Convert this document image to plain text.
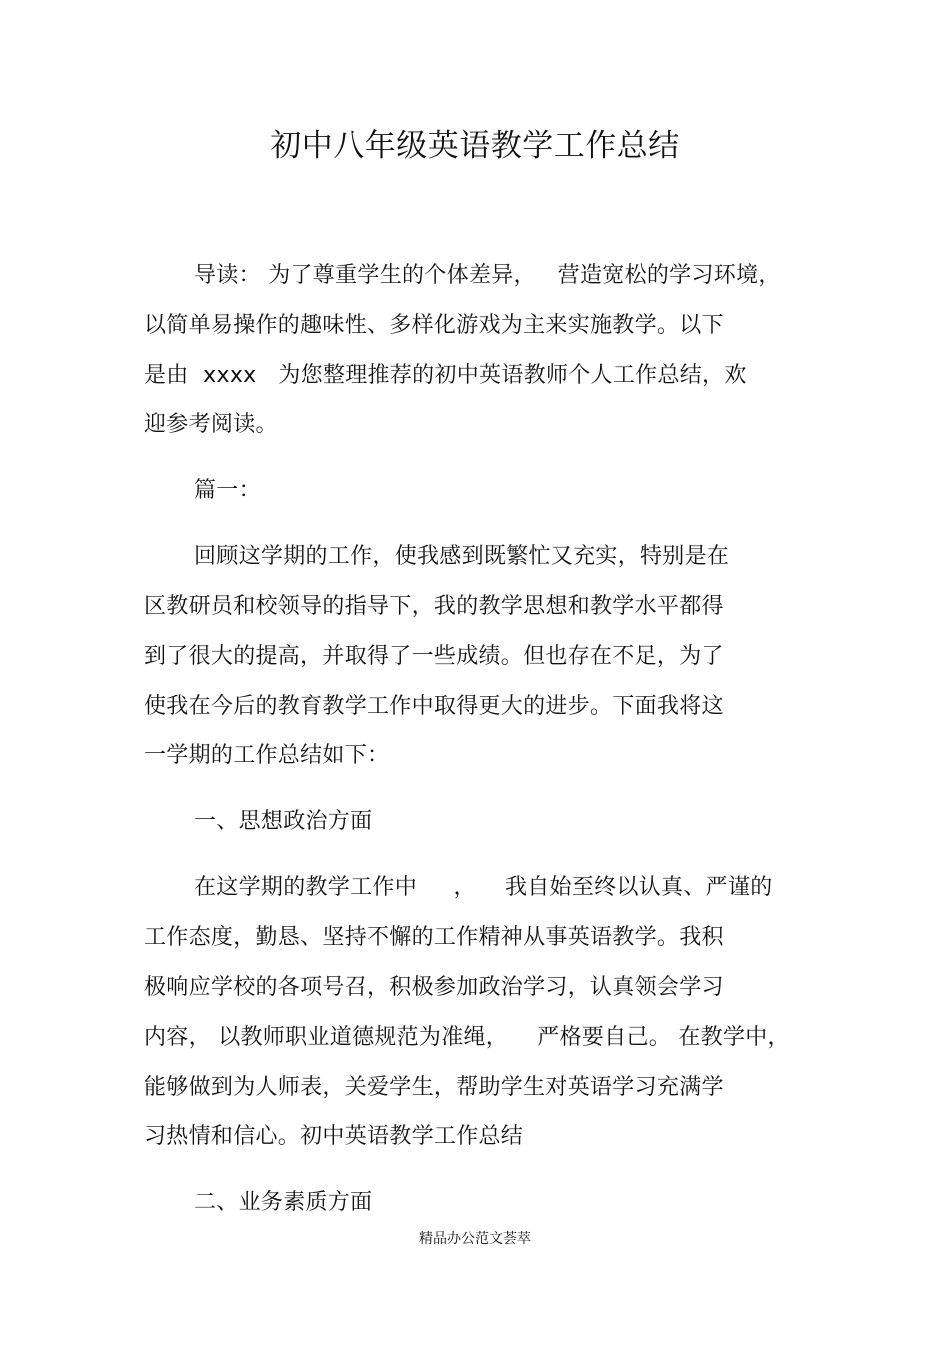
初中八年级英语教学工作总结
导读： 为了尊重学生的个体差异，   营造宽松的学习环境，
以简单易操作的趣味性、多样化游戏为主来实施教学。以下
是由  xxxx   为您整理推荐的初中英语教师个人工作总结，欢
迎参考阅读。
篇一：
回顾这学期的工作，使我感到既繁忙又充实，特别是在
区教研员和校领导的指导下，我的教学思想和教学水平都得
到了很大的提高，并取得了一些成绩。但也存在不足，为了
使我在今后的教育教学工作中取得更大的进步。下面我将这
一学期的工作总结如下：
一、思想政治方面
在这学期的教学工作中     ，    我自始至终以认真、严谨的
工作态度，勤恳、坚持不懈的工作精神从事英语教学。我积
极响应学校的各项号召，积极参加政治学习，认真领会学习
内容， 以教师职业道德规范为准绳，    严格要自己。 在教学中，
能够做到为人师表，关爱学生，帮助学生对英语学习充满学
习热情和信心。初中英语教学工作总结
二、业务素质方面
精品办公范文荟萃
